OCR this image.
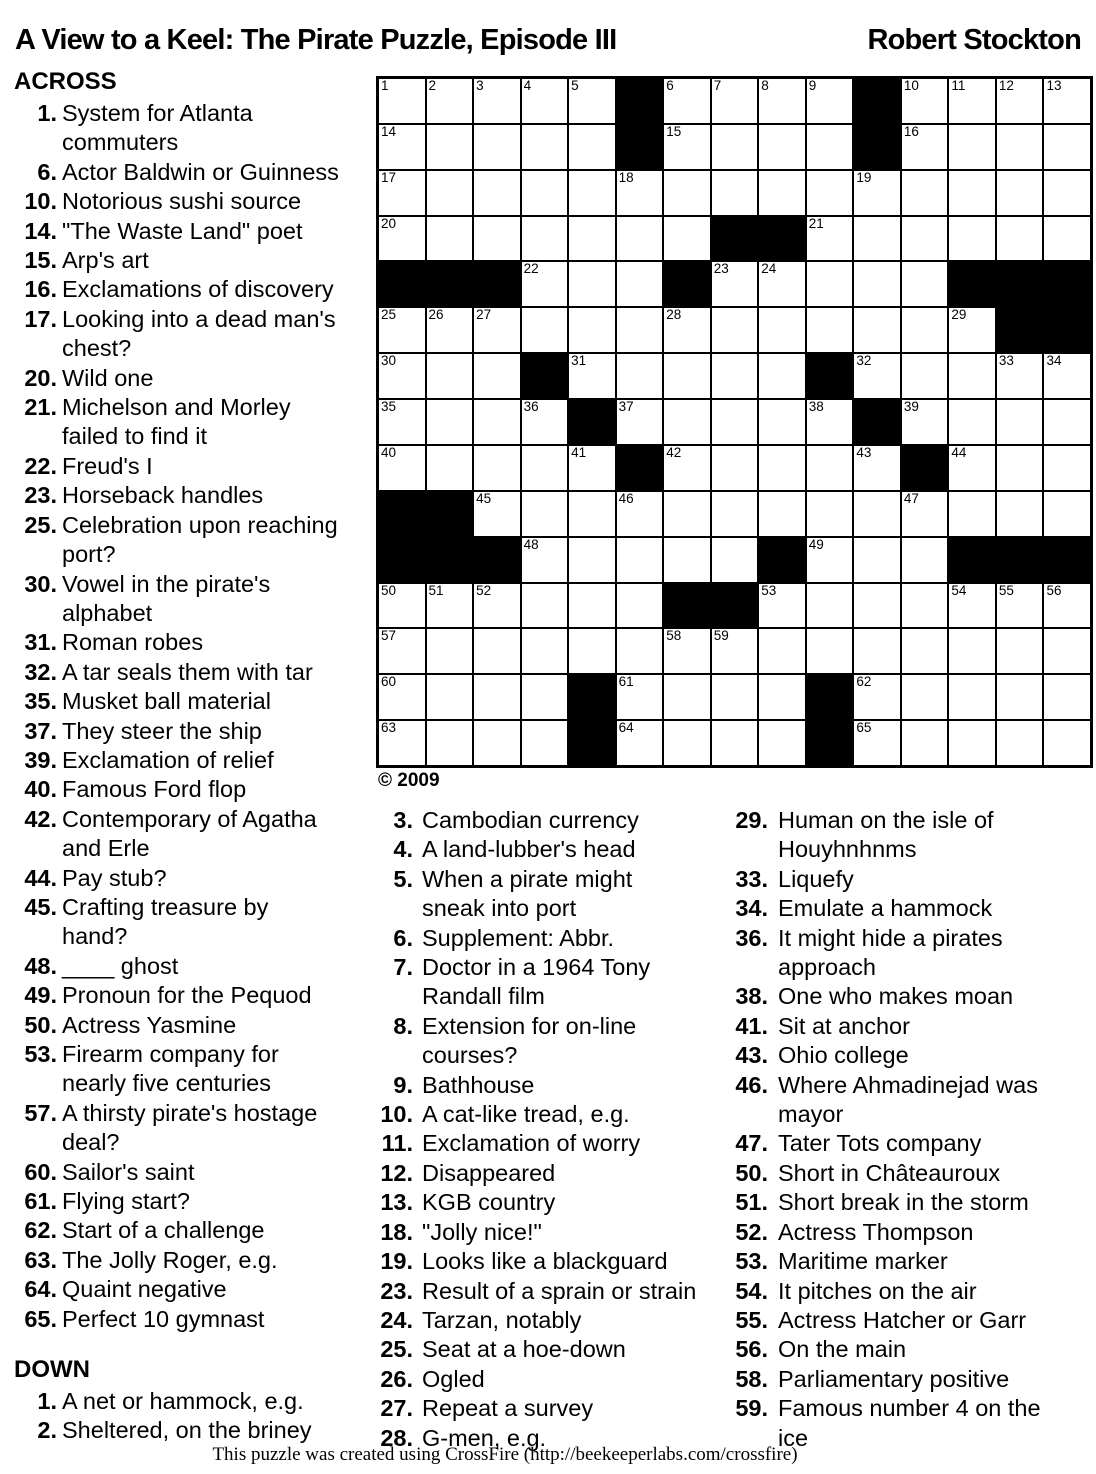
A View to a Keel: The Pirate Puzzle, Episode III	Robert Stockton
ACROSS
1. System for Atlanta
commuters
6. Actor Baldwin or Guinness
10. Notorious sushi source
14. "The Waste Land" poet
15. Arp's art
16. Exclamations of discovery
17. Looking into a dead man's
chest?
20. Wild one
21. Michelson and Morley
failed to find it
22. Freud's I
23. Horseback handles
25. Celebration upon reaching
port?
30. Vowel in the pirate's
alphabet
31. Roman robes
32. A tar seals them with tar
35. Musket ball material
37. They steer the ship
39. Exclamation of relief
40. Famous Ford flop
42. Contemporary of Agatha
and Erle
44. Pay stub?
45. Crafting treasure by
hand?
48. ____ ghost
49. Pronoun for the Pequod
50. Actress Yasmine
53. Firearm company for
nearly five centuries
57. A thirsty pirate's hostage
deal?
60. Sailor's saint
61. Flying start?
62. Start of a challenge
63. The Jolly Roger, e.g.
64. Quaint negative
65. Perfect 10 gymnast
1	2	3	4	5	6	7	8	9	10 11 12 13
14	15	16
17	18	19
20	21
22	23 24
25 26 27	28	29
30	31	32	33 34
35	36	37	38	39
40	41	42	43	44
45	46	47
48	49
50 51 52	53	54 55 56
57	58 59
60	61	62
63	64	65
© 2009
DOWN
1. A net or hammock, e.g.
2. Sheltered, on the briney
3. Cambodian currency
4. A land-lubber's head
5. When a pirate might
sneak into port
6. Supplement: Abbr.
7. Doctor in a 1964 Tony
Randall film
8. Extension for on-line
courses?
9. Bathhouse
10. A cat-like tread, e.g.
11. Exclamation of worry
12. Disappeared
13. KGB country
18. "Jolly nice!"
19. Looks like a blackguard
23. Result of a sprain or strain
24. Tarzan, notably
25. Seat at a hoe-down
26. Ogled
27. Repeat a survey
28. G-men, e.g.
29. Human on the isle of
Houyhnhnms
33. Liquefy
34. Emulate a hammock
36. It might hide a pirates
approach
38. One who makes moan
41. Sit at anchor
43. Ohio college
46. Where Ahmadinejad was
mayor
47. Tater Tots company
50. Short in Châteauroux
51. Short break in the storm
52. Actress Thompson
53. Maritime marker
54. It pitches on the air
55. Actress Hatcher or Garr
56. On the main
58. Parliamentary positive
59. Famous number 4 on the
ice
This puzzle was created using CrossFire (http://beekeeperlabs.com/crossfire)
